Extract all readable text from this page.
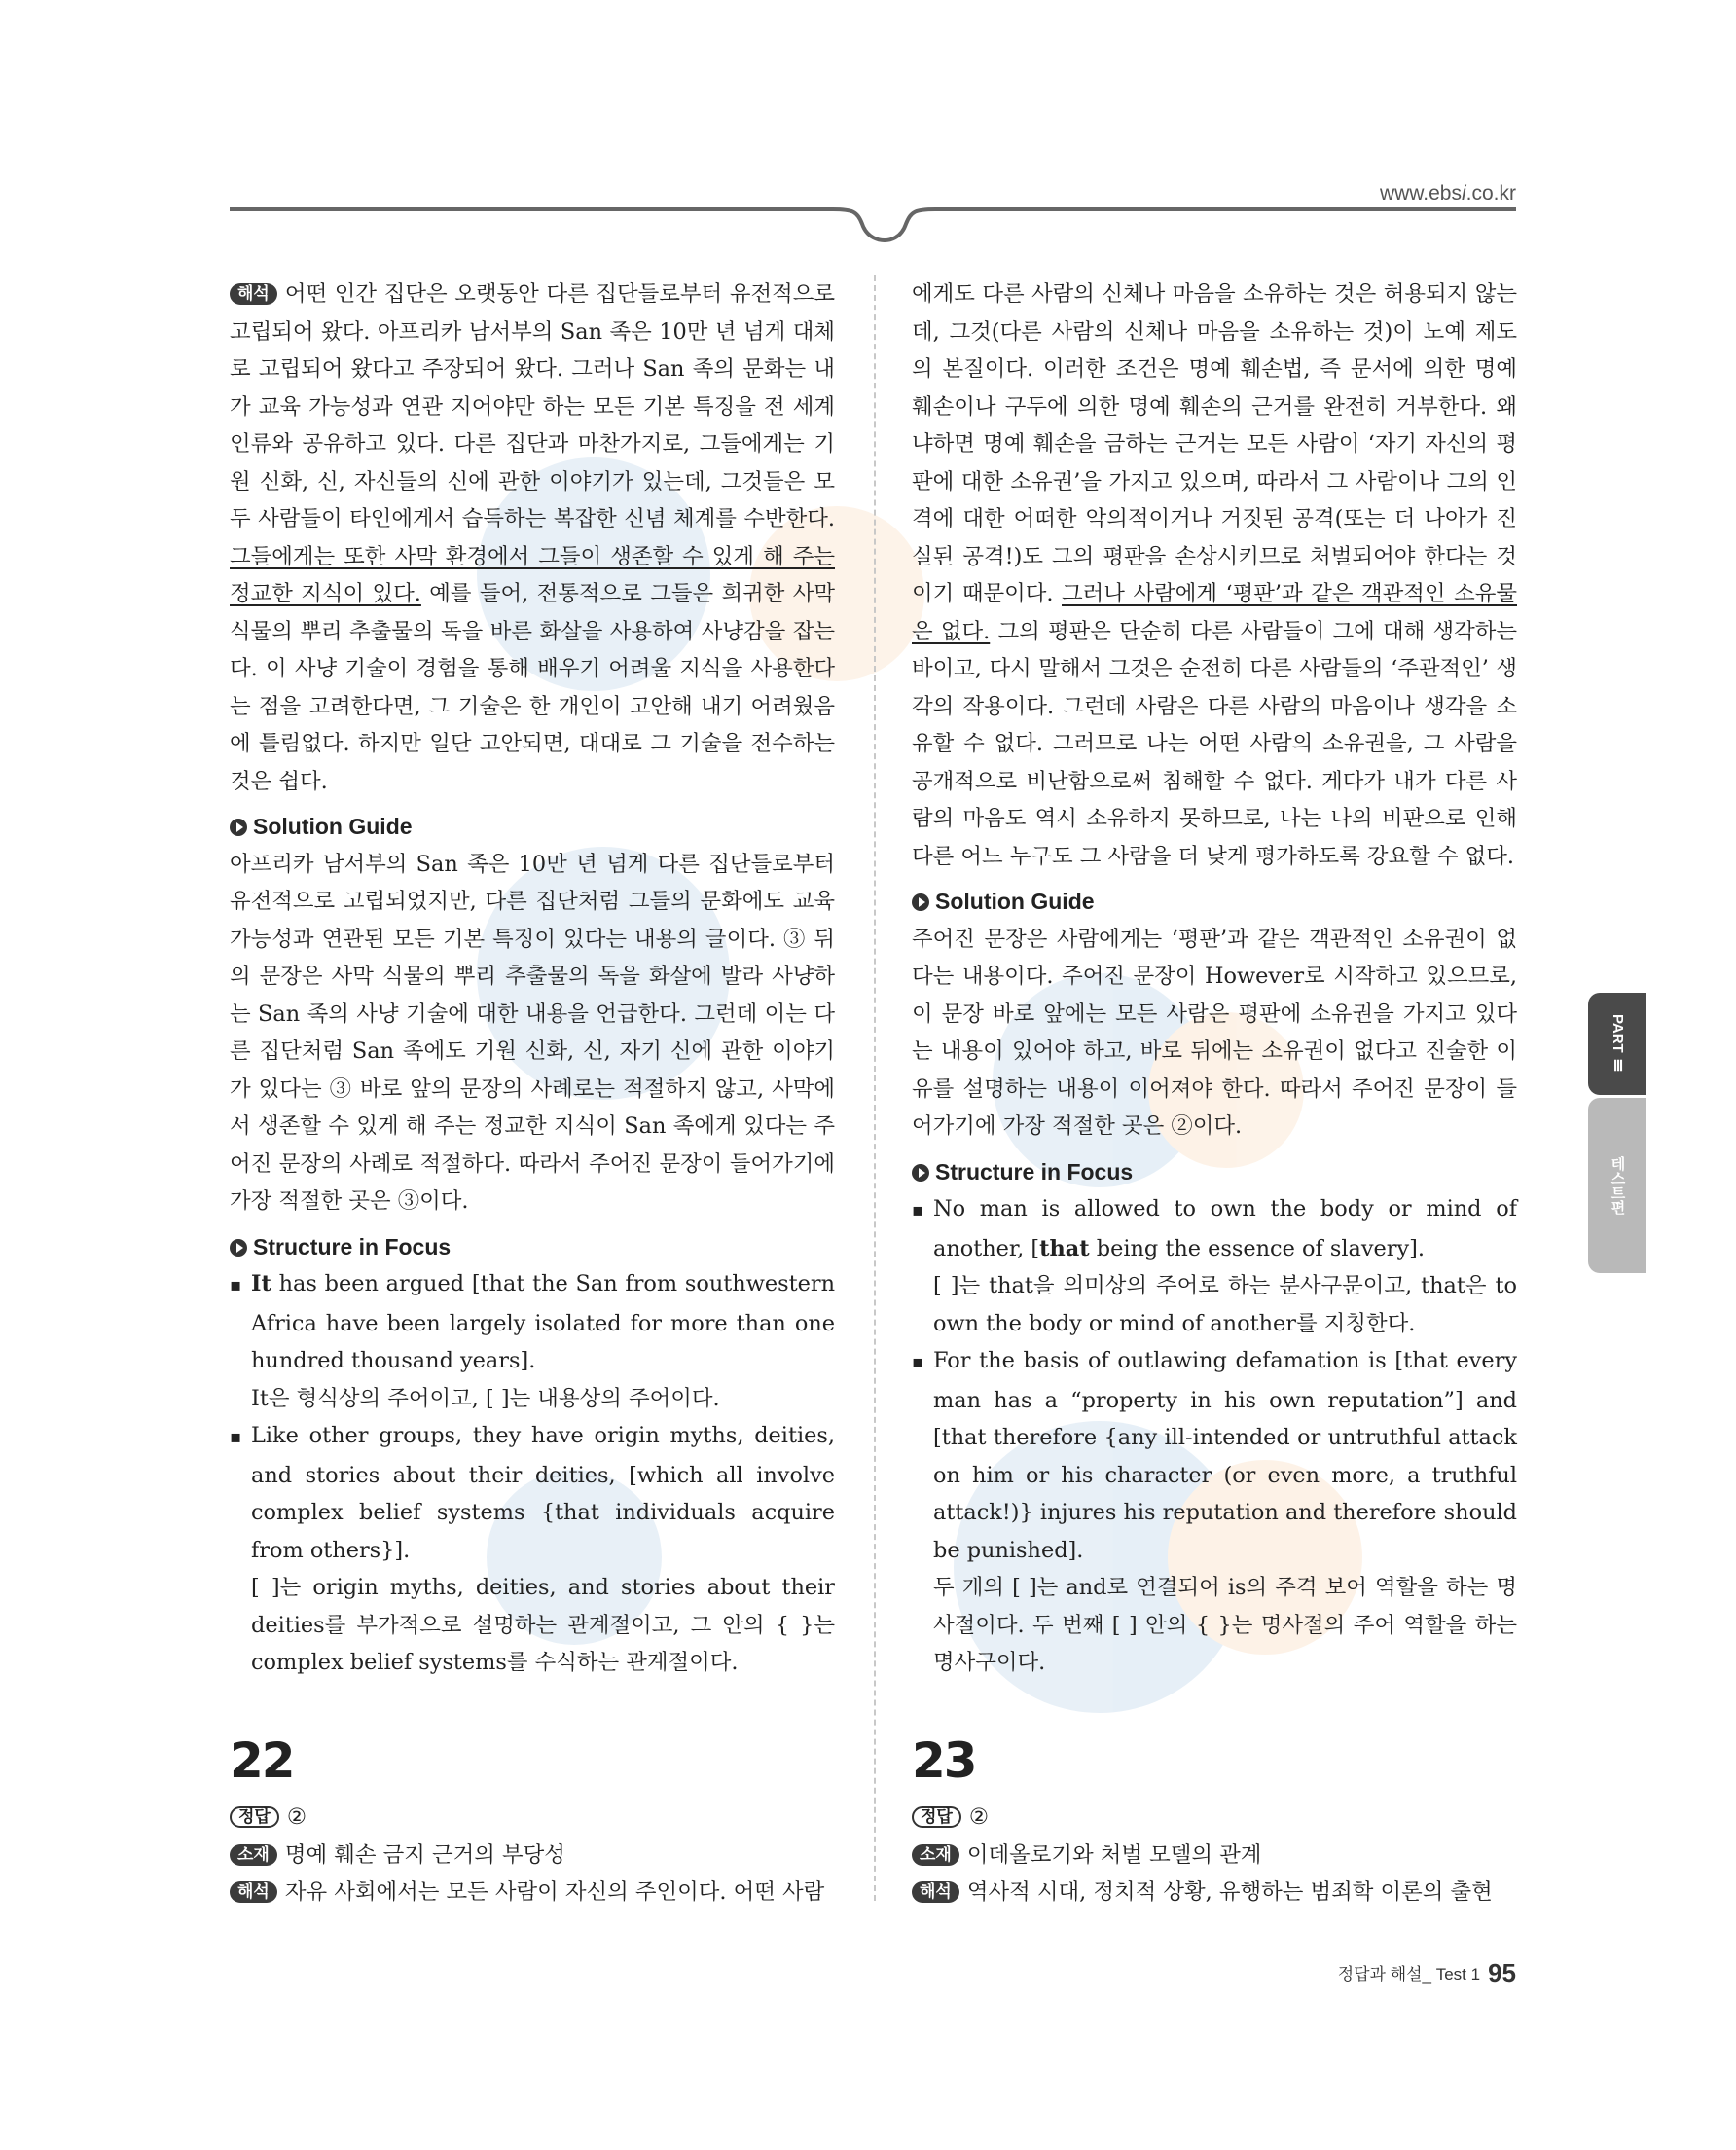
www.ebsi.co.kr

해석 어떤 인간 집단은 오랫동안 다른 집단들로부터 유전적으로 고립되어 왔다. 아프리카 남서부의 San 족은 10만 년 넘게 대체로 고립되어 왔다고 주장되어 왔다. 그러나 San 족의 문화는 내가 교육 가능성과 연관 지어야만 하는 모든 기본 특징을 전 세계 인류와 공유하고 있다. 다른 집단과 마찬가지로, 그들에게는 기원 신화, 신, 자신들의 신에 관한 이야기가 있는데, 그것들은 모두 사람들이 타인에게서 습득하는 복잡한 신념 체계를 수반한다. 그들에게는 또한 사막 환경에서 그들이 생존할 수 있게 해 주는 정교한 지식이 있다. 예를 들어, 전통적으로 그들은 희귀한 사막 식물의 뿌리 추출물의 독을 바른 화살을 사용하여 사냥감을 잡는다. 이 사냥 기술이 경험을 통해 배우기 어려울 지식을 사용한다는 점을 고려한다면, 그 기술은 한 개인이 고안해 내기 어려웠음에 틀림없다. 하지만 일단 고안되면, 대대로 그 기술을 전수하는 것은 쉽다.

Solution Guide

아프리카 남서부의 San 족은 10만 년 넘게 다른 집단들로부터 유전적으로 고립되었지만, 다른 집단처럼 그들의 문화에도 교육 가능성과 연관된 모든 기본 특징이 있다는 내용의 글이다. ③ 뒤의 문장은 사막 식물의 뿌리 추출물의 독을 화살에 발라 사냥하는 San 족의 사냥 기술에 대한 내용을 언급한다. 그런데 이는 다른 집단처럼 San 족에도 기원 신화, 신, 자기 신에 관한 이야기가 있다는 ③ 바로 앞의 문장의 사례로는 적절하지 않고, 사막에서 생존할 수 있게 해 주는 정교한 지식이 San 족에게 있다는 주어진 문장의 사례로 적절하다. 따라서 주어진 문장이 들어가기에 가장 적절한 곳은 ③이다.

Structure in Focus

▪ It has been argued [that the San from southwestern Africa have been largely isolated for more than one hundred thousand years].

It은 형식상의 주어이고, [ ]는 내용상의 주어이다.

▪ Like other groups, they have origin myths, deities, and stories about their deities, [which all involve complex belief systems {that individuals acquire from others}].

[ ]는 origin myths, deities, and stories about their deities를 부가적으로 설명하는 관계절이고, 그 안의 { }는 complex belief systems를 수식하는 관계절이다.

에게도 다른 사람의 신체나 마음을 소유하는 것은 허용되지 않는데, 그것(다른 사람의 신체나 마음을 소유하는 것)이 노예 제도의 본질이다. 이러한 조건은 명예 훼손법, 즉 문서에 의한 명예 훼손이나 구두에 의한 명예 훼손의 근거를 완전히 거부한다. 왜냐하면 명예 훼손을 금하는 근거는 모든 사람이 ‘자기 자신의 평판에 대한 소유권’을 가지고 있으며, 따라서 그 사람이나 그의 인격에 대한 어떠한 악의적이거나 거짓된 공격(또는 더 나아가 진실된 공격!)도 그의 평판을 손상시키므로 처벌되어야 한다는 것이기 때문이다. 그러나 사람에게 ‘평판’과 같은 객관적인 소유물은 없다. 그의 평판은 단순히 다른 사람들이 그에 대해 생각하는 바이고, 다시 말해서 그것은 순전히 다른 사람들의 ‘주관적인’ 생각의 작용이다. 그런데 사람은 다른 사람의 마음이나 생각을 소유할 수 없다. 그러므로 나는 어떤 사람의 소유권을, 그 사람을 공개적으로 비난함으로써 침해할 수 없다. 게다가 내가 다른 사람의 마음도 역시 소유하지 못하므로, 나는 나의 비판으로 인해 다른 어느 누구도 그 사람을 더 낮게 평가하도록 강요할 수 없다.

Solution Guide

주어진 문장은 사람에게는 ‘평판’과 같은 객관적인 소유권이 없다는 내용이다. 주어진 문장이 However로 시작하고 있으므로, 이 문장 바로 앞에는 모든 사람은 평판에 소유권을 가지고 있다는 내용이 있어야 하고, 바로 뒤에는 소유권이 없다고 진술한 이유를 설명하는 내용이 이어져야 한다. 따라서 주어진 문장이 들어가기에 가장 적절한 곳은 ②이다.

Structure in Focus

▪ No man is allowed to own the body or mind of another, [that being the essence of slavery].

[ ]는 that을 의미상의 주어로 하는 분사구문이고, that은 to own the body or mind of another를 지칭한다.

▪ For the basis of outlawing defamation is [that every man has a “property in his own reputation”] and [that therefore {any ill-intended or untruthful attack on him or his character (or even more, a truthful attack!)} injures his reputation and therefore should be punished].

두 개의 [ ]는 and로 연결되어 is의 주격 보어 역할을 하는 명사절이다. 두 번째 [ ] 안의 { }는 명사절의 주어 역할을 하는 명사구이다.

22

정답 ②

소재 명예 훼손 금지 근거의 부당성

해석 자유 사회에서는 모든 사람이 자신의 주인이다. 어떤 사람

23

정답 ②

소재 이데올로기와 처벌 모델의 관계

해석 역사적 시대, 정치적 상황, 유행하는 범죄학 이론의 출현

PART Ⅲ
테스트편
정답과 해설_ Test 1 95
